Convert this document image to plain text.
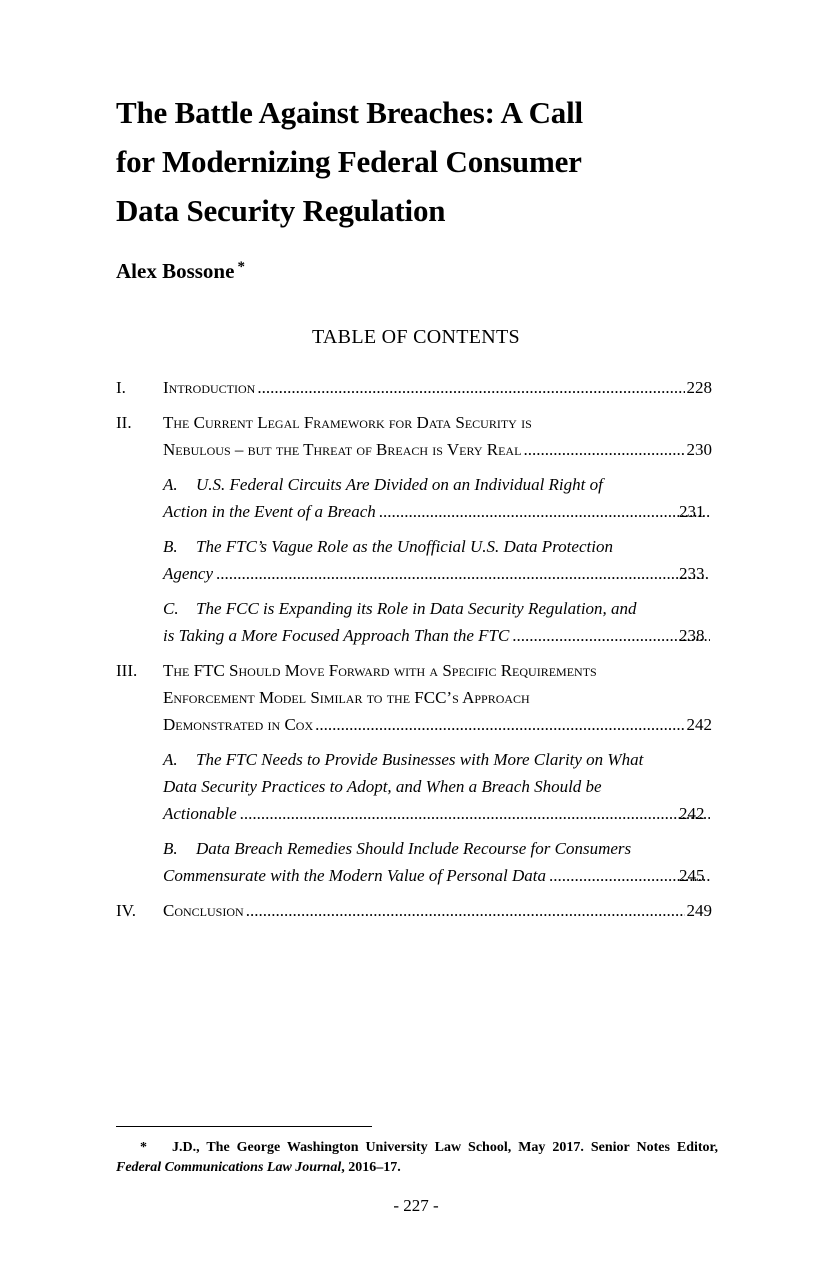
The Battle Against Breaches: A Call
for Modernizing Federal Consumer
Data Security Regulation
Alex Bossone *
TABLE OF CONTENTS
I.	Introduction .....	228
II.	The Current Legal Framework for Data Security is
Nebulous – but the Threat of Breach is Very Real .....	230
A. U.S. Federal Circuits Are Divided on an Individual Right of
Action in the Event of a Breach .....	231
B. The FTC’s Vague Role as the Unofficial U.S. Data Protection
Agency .....	233
C. The FCC is Expanding its Role in Data Security Regulation, and
is Taking a More Focused Approach Than the FTC .....	238
III.	The FTC Should Move Forward with a Specific Requirements
Enforcement Model Similar to the FCC’s Approach
Demonstrated in Cox .....	242
A. The FTC Needs to Provide Businesses with More Clarity on What
Data Security Practices to Adopt, and When a Breach Should be
Actionable .....	242
B. Data Breach Remedies Should Include Recourse for Consumers
Commensurate with the Modern Value of Personal Data .....	245
IV.	Conclusion .....	249
* J.D., The George Washington University Law School, May 2017. Senior Notes Editor, Federal Communications Law Journal, 2016–17.
- 227 -
